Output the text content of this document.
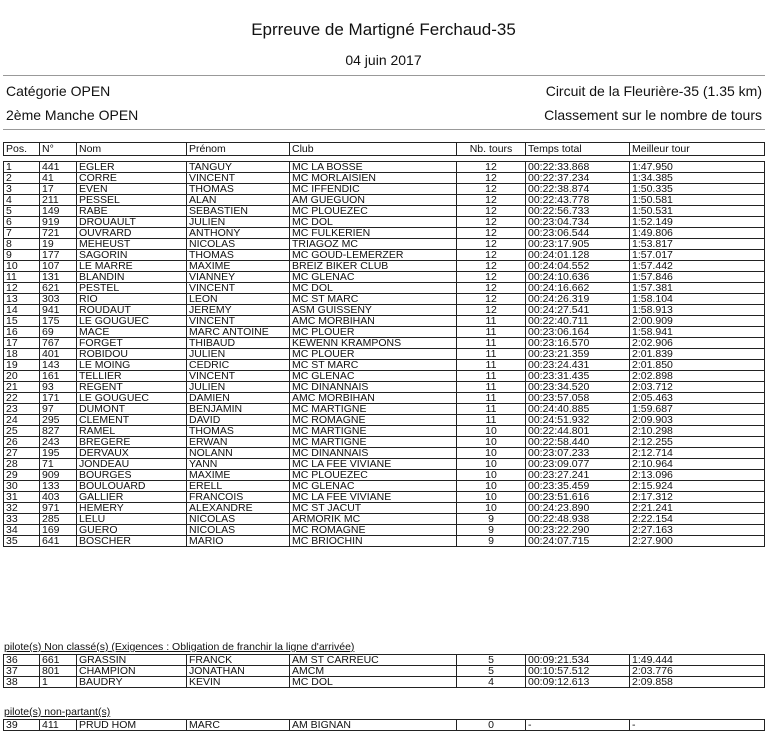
Eprreuve de Martigné Ferchaud-35
04 juin 2017
Catégorie OPEN	Circuit de la Fleurière-35 (1.35 km)
2ème Manche OPEN	Classement sur le nombre de tours
Pos.	N°	Nom	Prénom	Club	Nb. tours	Temps total	Meilleur tour

1	441	EGLER	TANGUY	MC LA BOSSE	12	00:22:33.868	1:47.950
2	41	CORRE	VINCENT	MC MORLAISIEN	12	00:22:37.234	1:34.385
3	17	EVEN	THOMAS	MC IFFENDIC	12	00:22:38.874	1:50.335
4	211	PESSEL	ALAN	AM GUEGUON	12	00:22:43.778	1:50.581
5	149	RABE	SEBASTIEN	MC PLOUEZEC	12	00:22:56.733	1:50.531
6	919	DROUAULT	JULIEN	MC DOL	12	00:23:04.734	1:52.149
7	721	OUVRARD	ANTHONY	MC FULKERIEN	12	00:23:06.544	1:49.806
8	19	MEHEUST	NICOLAS	TRIAGOZ MC	12	00:23:17.905	1:53.817
9	177	SAGORIN	THOMAS	MC GOUD-LEMERZER	12	00:24:01.128	1:57.017
10	107	LE MARRE	MAXIME	BREIZ BIKER CLUB	12	00:24:04.552	1:57.442
11	131	BLANDIN	VIANNEY	MC GLENAC	12	00:24:10.636	1:57.846
12	621	PESTEL	VINCENT	MC DOL	12	00:24:16.662	1:57.381
13	303	RIO	LEON	MC ST MARC	12	00:24:26.319	1:58.104
14	941	ROUDAUT	JEREMY	ASM GUISSENY	12	00:24:27.541	1:58.913
15	175	LE GOUGUEC	VINCENT	AMC MORBIHAN	11	00:22:40.711	2:00.909
16	69	MACE	MARC ANTOINE	MC PLOUER	11	00:23:06.164	1:58.941
17	767	FORGET	THIBAUD	KEWENN KRAMPONS	11	00:23:16.570	2:02.906
18	401	ROBIDOU	JULIEN	MC PLOUER	11	00:23:21.359	2:01.839
19	143	LE MOING	CEDRIC	MC ST MARC	11	00:23:24.431	2:01.850
20	161	TELLIER	VINCENT	MC GLENAC	11	00:23:31.435	2:02.898
21	93	REGENT	JULIEN	MC DINANNAIS	11	00:23:34.520	2:03.712
22	171	LE GOUGUEC	DAMIEN	AMC MORBIHAN	11	00:23:57.058	2:05.463
23	97	DUMONT	BENJAMIN	MC MARTIGNE	11	00:24:40.885	1:59.687
24	295	CLEMENT	DAVID	MC ROMAGNE	11	00:24:51.932	2:09.903
25	827	RAMEL	THOMAS	MC MARTIGNE	10	00:22:44.801	2:10.298
26	243	BREGERE	ERWAN	MC MARTIGNE	10	00:22:58.440	2:12.255
27	195	DERVAUX	NOLANN	MC DINANNAIS	10	00:23:07.233	2:12.714
28	71	JONDEAU	YANN	MC LA FEE VIVIANE	10	00:23:09.077	2:10.964
29	909	BOURGES	MAXIME	MC PLOUEZEC	10	00:23:27.241	2:13.096
30	133	BOULOUARD	ERELL	MC GLENAC	10	00:23:35.459	2:15.924
31	403	GALLIER	FRANCOIS	MC LA FEE VIVIANE	10	00:23:51.616	2:17.312
32	971	HEMERY	ALEXANDRE	MC ST JACUT	10	00:24:23.890	2:21.241
33	285	LELU	NICOLAS	ARMORIK MC	9	00:22:48.938	2:22.154
34	169	GUERO	NICOLAS	MC ROMAGNE	9	00:23:22.290	2:27.163
35	641	BOSCHER	MARIO	MC BRIOCHIN	9	00:24:07.715	2:27.900
pilote(s) Non classé(s) (Exigences : Obligation de franchir la ligne d'arrivée)
36	661	GRASSIN	FRANCK	AM ST CARREUC	5	00:09:21.534	1:49.444
37	801	CHAMPION	JONATHAN	AMCM	5	00:10:57.512	2:03.776
38	1	BAUDRY	KEVIN	MC DOL	4	00:09:12.613	2:09.858
pilote(s) non-partant(s)
39	411	PRUD HOM	MARC	AM BIGNAN	0	-	-
